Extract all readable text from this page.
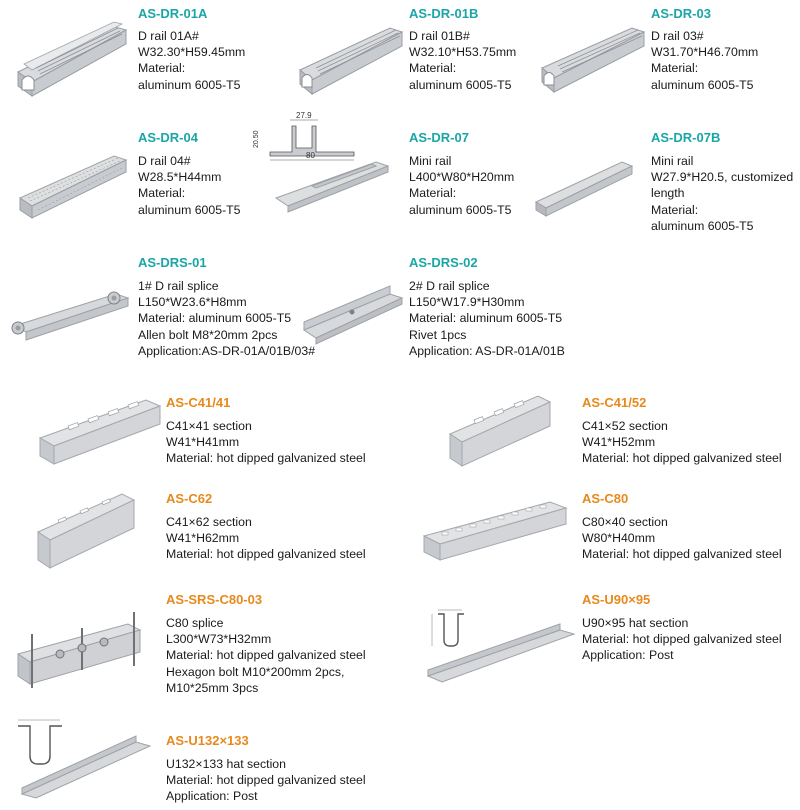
27.9
20.50
80
AS-DR-01A
D rail 01A#
W32.30*H59.45mm
Material:
aluminum 6005-T5
AS-DR-01B
D rail 01B#
W32.10*H53.75mm
Material:
aluminum 6005-T5
AS-DR-03
D rail 03#
W31.70*H46.70mm
Material:
aluminum 6005-T5
AS-DR-04
D rail 04#
W28.5*H44mm
Material:
aluminum 6005-T5
AS-DR-07
Mini rail
L400*W80*H20mm
Material:
aluminum 6005-T5
AS-DR-07B
Mini rail
W27.9*H20.5, customized
length
Material:
aluminum 6005-T5
AS-DRS-01
1# D rail splice
L150*W23.6*H8mm
Material: aluminum 6005-T5
Allen bolt M8*20mm 2pcs
Application:AS-DR-01A/01B/03#
AS-DRS-02
2# D rail splice
L150*W17.9*H30mm
Material: aluminum 6005-T5
Rivet 1pcs
Application: AS-DR-01A/01B
AS-C41/41
C41×41 section
W41*H41mm
Material: hot dipped galvanized steel
AS-C41/52
C41×52 section
W41*H52mm
Material: hot dipped galvanized steel
AS-C62
C41×62 section
W41*H62mm
Material: hot dipped galvanized steel
AS-C80
C80×40 section
W80*H40mm
Material: hot dipped galvanized steel
AS-SRS-C80-03
C80 splice
L300*W73*H32mm
Material: hot dipped galvanized steel
Hexagon bolt M10*200mm 2pcs,
M10*25mm 3pcs
AS-U90×95
U90×95 hat section
Material: hot dipped galvanized steel
Application: Post
AS-U132×133
U132×133 hat section
Material: hot dipped galvanized steel
Application: Post
